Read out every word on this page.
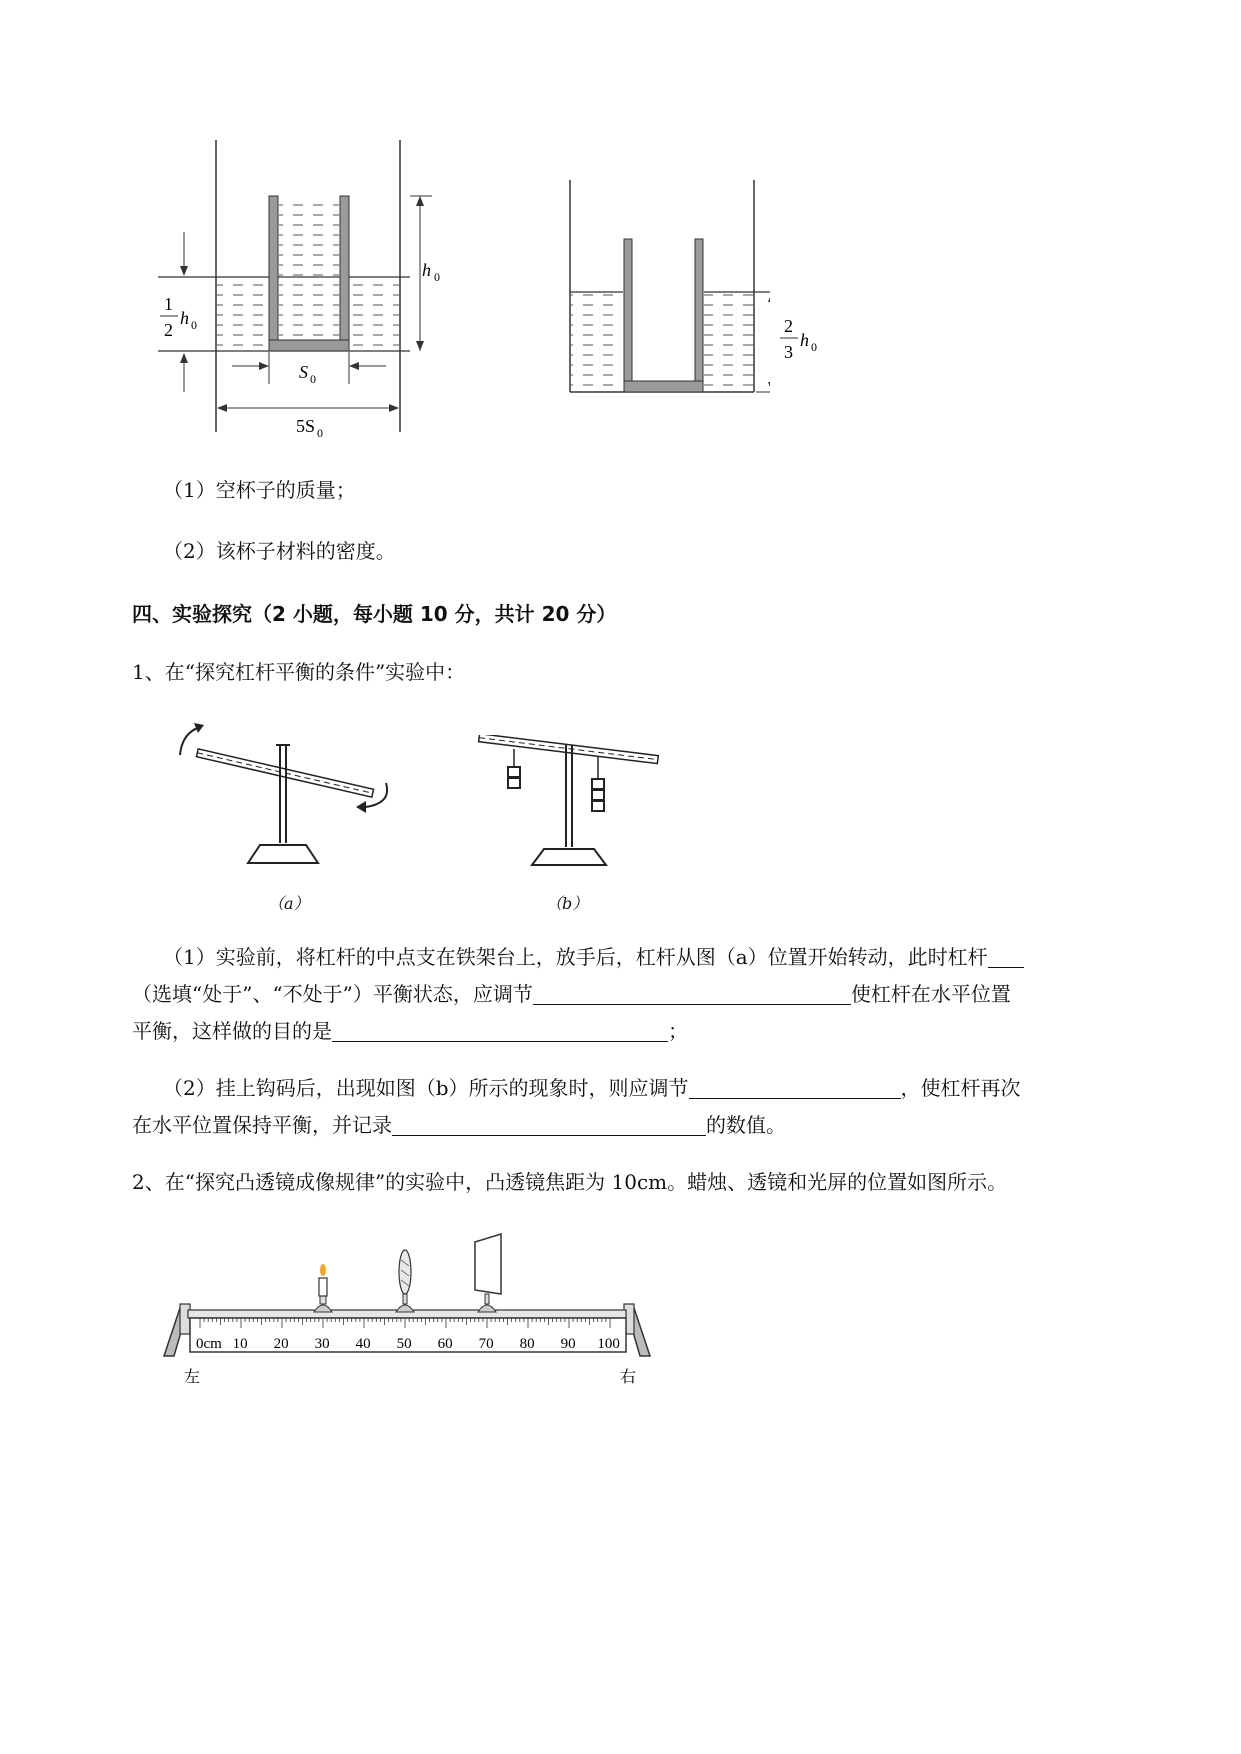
h 0
1
2
h 0
S 0
5S 0
2
3
h 0
（1）空杯子的质量；
（2）该杯子材料的密度。
四、实验探究（2 小题，每小题 10 分，共计 20 分）
1、在“探究杠杆平衡的条件”实验中：
（a）	（b）
（1）实验前，将杠杆的中点支在铁架台上，放手后，杠杆从图（a）位置开始转动，此时杠杆
（选填“处于”、“不处于”）平衡状态，应调节	使杠杆在水平位置
平衡，这样做的目的是	；
（2）挂上钩码后，出现如图（b）所示的现象时，则应调节	，使杠杆再次
在水平位置保持平衡，并记录	的数值。
2、在“探究凸透镜成像规律”的实验中，凸透镜焦距为 10cm。蜡烛、透镜和光屏的位置如图所示。
0cm 10 20 30 40 50 60 70 80 90 100
左	右
